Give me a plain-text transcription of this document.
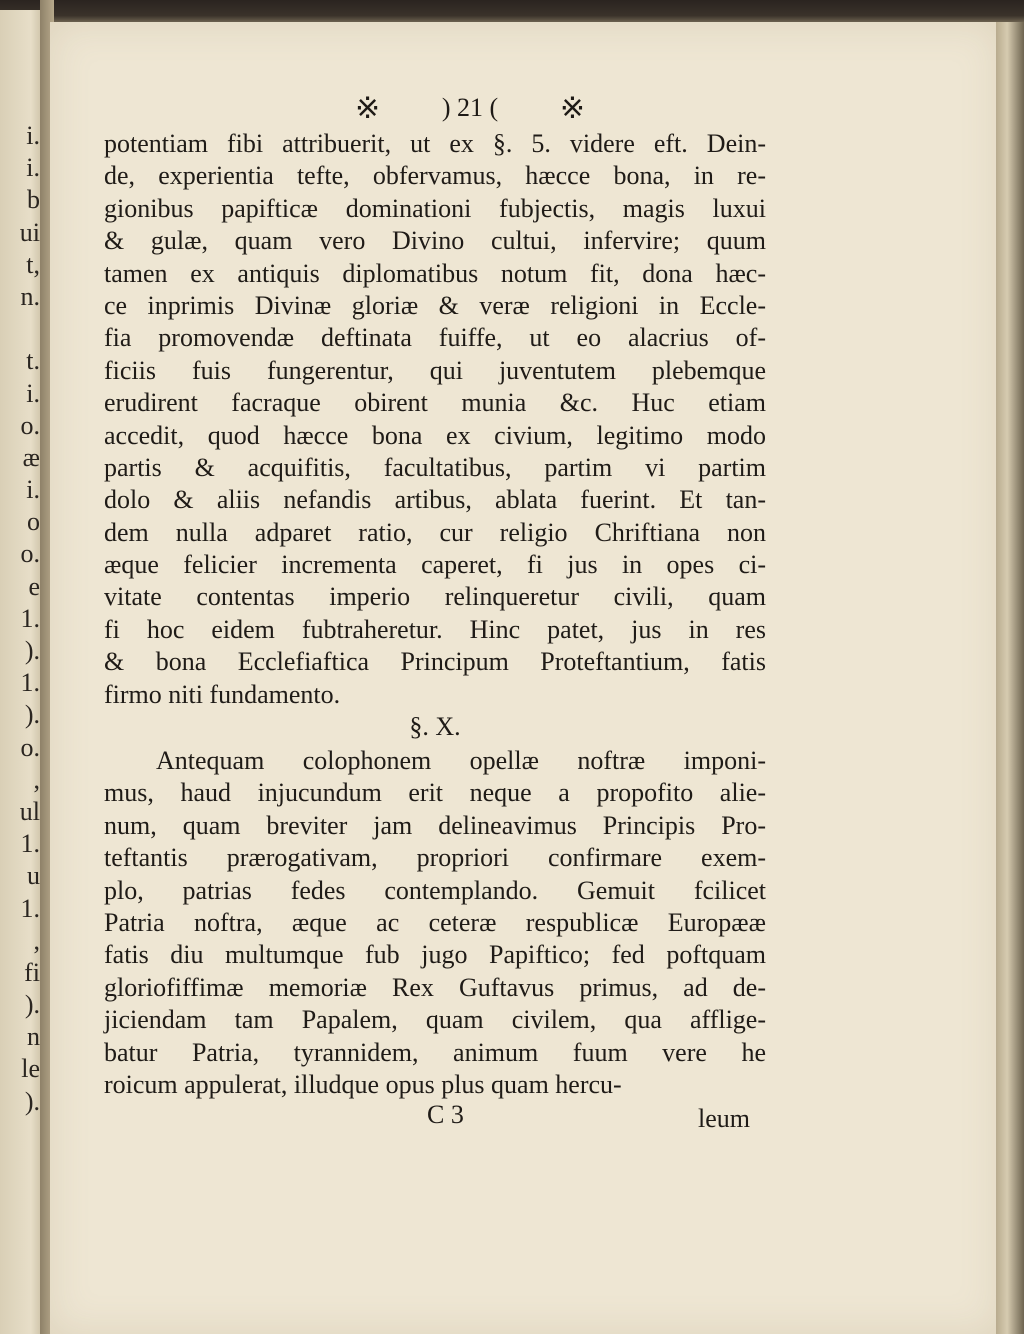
i.
i.
b
ui
t,
n.
t.
i.
o.
æ
i.
o
o.
e
1.
).
1.
).
o.
,
ul
1.
u
1.
,
fi
).
n
le
).
※ ) 21 ( ※
potentiam fibi attribuerit, ut ex §. 5. videre eft. Dein-
de, experientia tefte, obfervamus, hæcce bona, in re-
gionibus papifticæ dominationi fubjectis, magis luxui
& gulæ, quam vero Divino cultui, infervire; quum
tamen ex antiquis diplomatibus notum fit, dona hæc-
ce inprimis Divinæ gloriæ & veræ religioni in Eccle-
fia promovendæ deftinata fuiffe, ut eo alacrius of-
ficiis fuis fungerentur, qui juventutem plebemque
erudirent facraque obirent munia &c. Huc etiam
accedit, quod hæcce bona ex civium, legitimo modo
partis & acquifitis, facultatibus, partim vi partim
dolo & aliis nefandis artibus, ablata fuerint. Et tan-
dem nulla adparet ratio, cur religio Chriftiana non
æque felicier incrementa caperet, fi jus in opes ci-
vitate contentas imperio relinqueretur civili, quam
fi hoc eidem fubtraheretur. Hinc patet, jus in res
& bona Ecclefiaftica Principum Proteftantium, fatis
firmo niti fundamento.
§. X.
Antequam colophonem opellæ noftræ imponi-
mus, haud injucundum erit neque a propofito alie-
num, quam breviter jam delineavimus Principis Pro-
teftantis prærogativam, propriori confirmare exem-
plo, patrias fedes contemplando. Gemuit fcilicet
Patria noftra, æque ac ceteræ respublicæ Europææ
fatis diu multumque fub jugo Papiftico; fed poftquam
gloriofiffimæ memoriæ Rex Guftavus primus, ad de-
jiciendam tam Papalem, quam civilem, qua affligе-
batur Patria, tyrannidem, animum fuum vere he
roicum appulerat, illudque opus plus quam hercu-
C 3	leum
